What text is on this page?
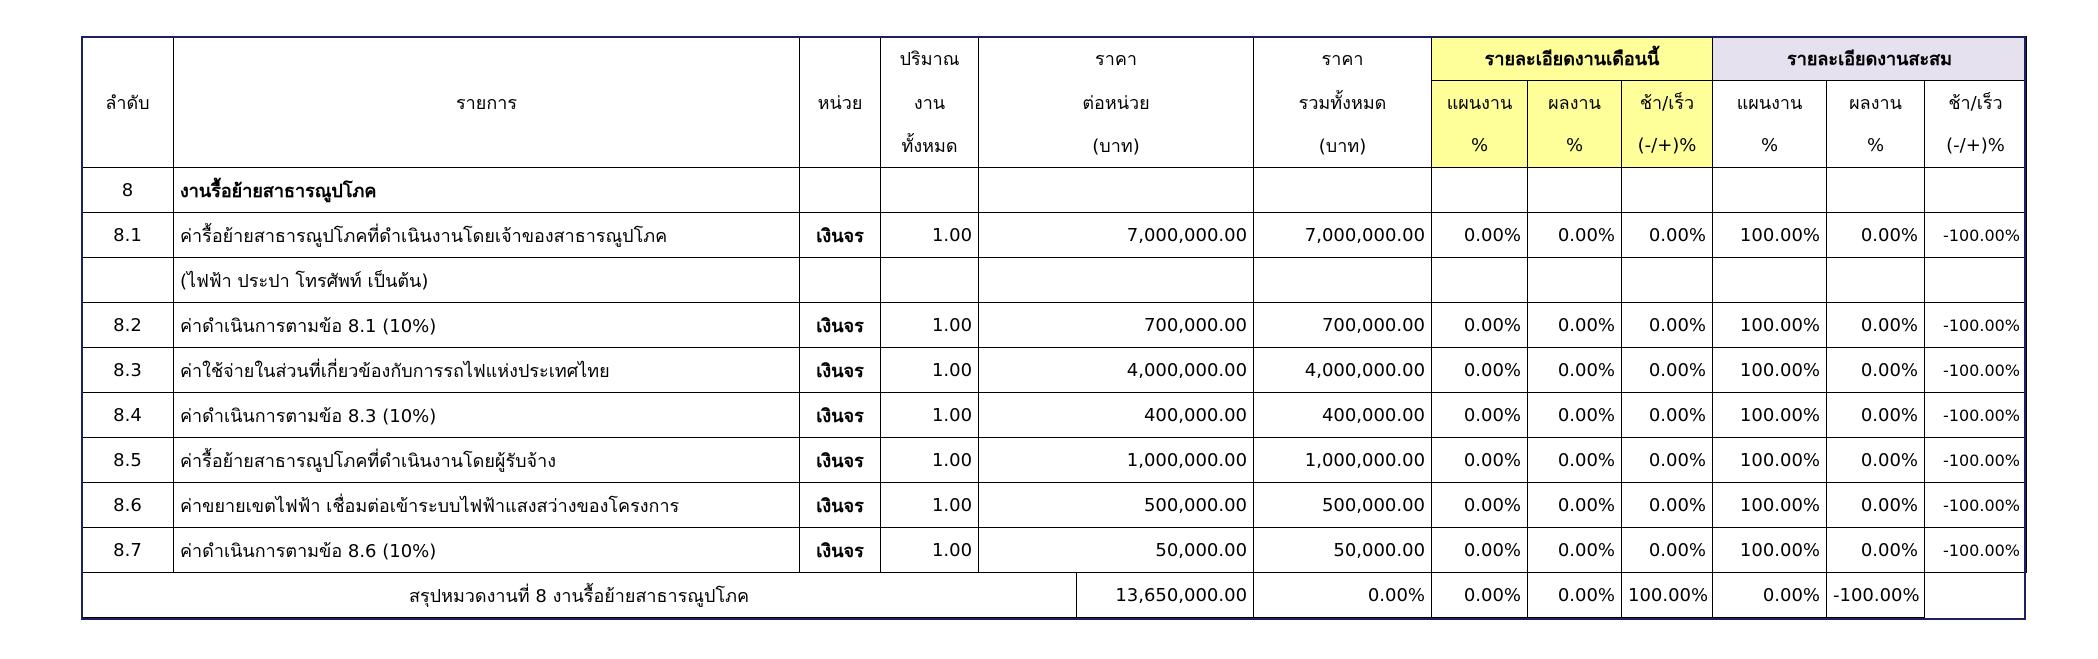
ลำดับ	รายการ	หน่วย	ปริมาณ	ราคา		ราคา	รายละเอียดงานเดือนนี้			รายละเอียดงานสะสม		
			งาน	ต่อหน่วย		รวมทั้งหมด	แผนงาน	ผลงาน	ช้า/เร็ว	แผนงาน	ผลงาน	ช้า/เร็ว
			ทั้งหมด	(บาท)		(บาท)	%	%	(-/+)%	%	%	(-/+)%
8	งานรื้อย้ายสาธารณูปโภค											
8.1	ค่ารื้อย้ายสาธารณูปโภคที่ดำเนินงานโดยเจ้าของสาธารณูปโภค	เงินจร	1.00	7,000,000.00		7,000,000.00	0.00%	0.00%	0.00%	100.00%	0.00%	-100.00%
	(ไฟฟ้า ประปา โทรศัพท์ เป็นต้น)											
8.2	ค่าดำเนินการตามข้อ 8.1 (10%)	เงินจร	1.00	700,000.00		700,000.00	0.00%	0.00%	0.00%	100.00%	0.00%	-100.00%
8.3	ค่าใช้จ่ายในส่วนที่เกี่ยวข้องกับการรถไฟแห่งประเทศไทย	เงินจร	1.00	4,000,000.00		4,000,000.00	0.00%	0.00%	0.00%	100.00%	0.00%	-100.00%
8.4	ค่าดำเนินการตามข้อ 8.3 (10%)	เงินจร	1.00	400,000.00		400,000.00	0.00%	0.00%	0.00%	100.00%	0.00%	-100.00%
8.5	ค่ารื้อย้ายสาธารณูปโภคที่ดำเนินงานโดยผู้รับจ้าง	เงินจร	1.00	1,000,000.00		1,000,000.00	0.00%	0.00%	0.00%	100.00%	0.00%	-100.00%
8.6	ค่าขยายเขตไฟฟ้า เชื่อมต่อเข้าระบบไฟฟ้าแสงสว่างของโครงการ	เงินจร	1.00	500,000.00		500,000.00	0.00%	0.00%	0.00%	100.00%	0.00%	-100.00%
8.7	ค่าดำเนินการตามข้อ 8.6 (10%)	เงินจร	1.00	50,000.00		50,000.00	0.00%	0.00%	0.00%	100.00%	0.00%	-100.00%
สรุปหมวดงานที่ 8 งานรื้อย้ายสาธารณูปโภค					13,650,000.00	0.00%	0.00%	0.00%	100.00%	0.00%	-100.00%	
